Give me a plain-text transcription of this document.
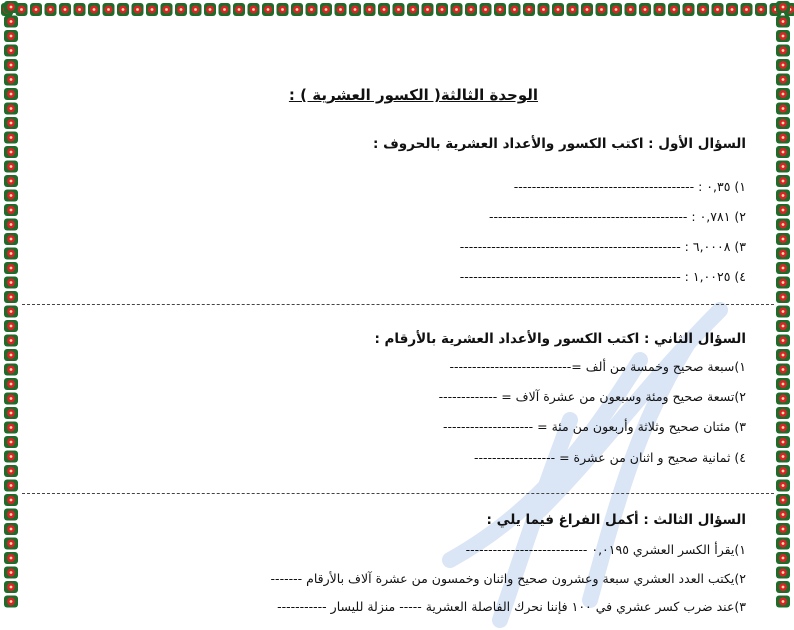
الوحدة الثالثة( الكسور العشرية ) :
السؤال الأول : اكتب الكسور والأعداد العشرية بالحروف :
١) ٠,٣٥ : ----------------------------------------
٢) ٠,٧٨١ : --------------------------------------------
٣) ٦,٠٠٠٨ : -------------------------------------------------
٤) ١,٠٠٢٥ : -------------------------------------------------
السؤال الثاني : اكتب الكسور والأعداد العشرية بالأرقام :
١)سبعة صحيح وخمسة من ألف =---------------------------
٢)تسعة صحيح ومئة وسبعون من عشرة آلاف = -------------
٣) مئتان صحيح وثلاثة وأربعون من مئة = --------------------
٤) ثمانية صحيح و اثنان من عشرة = ------------------
السؤال الثالث : أكمل الفراغ فيما يلي :
١)يقرأ الكسر العشري ٠,٠١٩٥ ---------------------------
٢)يكتب العدد العشري سبعة وعشرون صحيح واثنان وخمسون من عشرة آلاف بالأرقام -------
٣)عند ضرب كسر عشري في ١٠٠ فإننا نحرك الفاصلة العشرية ----- منزلة لليسار -----------
